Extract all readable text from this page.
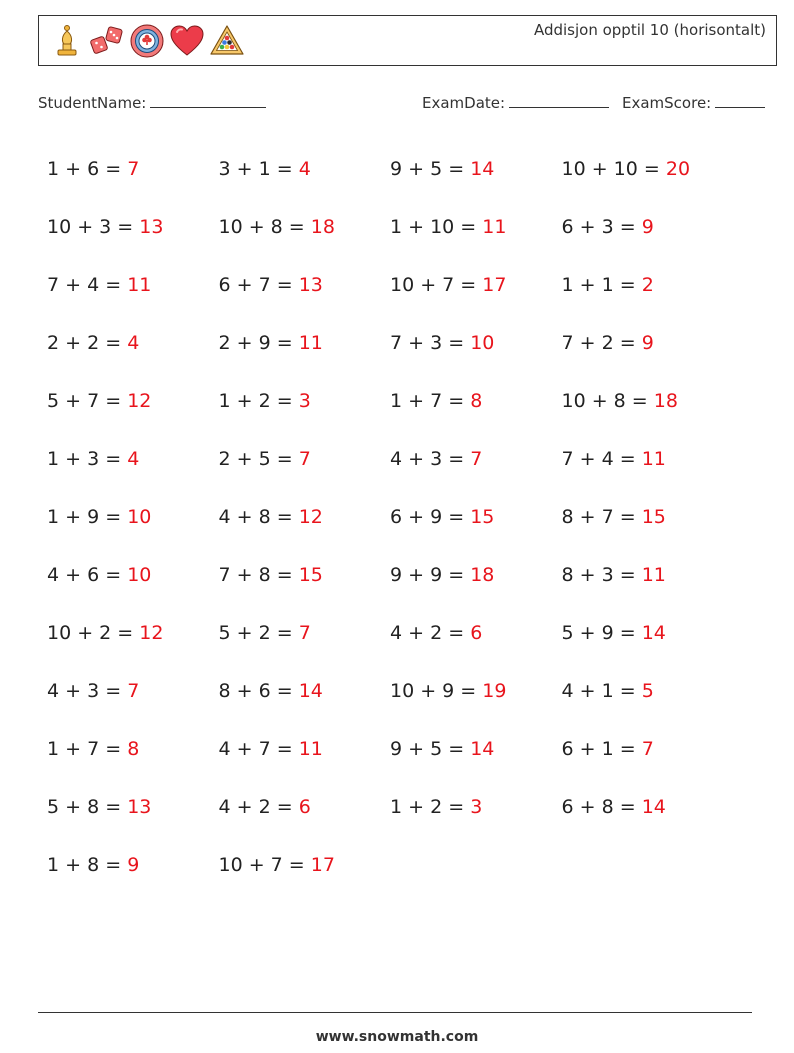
Addisjon opptil 10 (horisontalt)
StudentName:	ExamDate:	ExamScore:
1 + 6 = 7	3 + 1 = 4	9 + 5 = 14	10 + 10 = 20
10 + 3 = 13	10 + 8 = 18	1 + 10 = 11	6 + 3 = 9
7 + 4 = 11	6 + 7 = 13	10 + 7 = 17	1 + 1 = 2
2 + 2 = 4	2 + 9 = 11	7 + 3 = 10	7 + 2 = 9
5 + 7 = 12	1 + 2 = 3	1 + 7 = 8	10 + 8 = 18
1 + 3 = 4	2 + 5 = 7	4 + 3 = 7	7 + 4 = 11
1 + 9 = 10	4 + 8 = 12	6 + 9 = 15	8 + 7 = 15
4 + 6 = 10	7 + 8 = 15	9 + 9 = 18	8 + 3 = 11
10 + 2 = 12	5 + 2 = 7	4 + 2 = 6	5 + 9 = 14
4 + 3 = 7	8 + 6 = 14	10 + 9 = 19	4 + 1 = 5
1 + 7 = 8	4 + 7 = 11	9 + 5 = 14	6 + 1 = 7
5 + 8 = 13	4 + 2 = 6	1 + 2 = 3	6 + 8 = 14
1 + 8 = 9	10 + 7 = 17
www.snowmath.com
